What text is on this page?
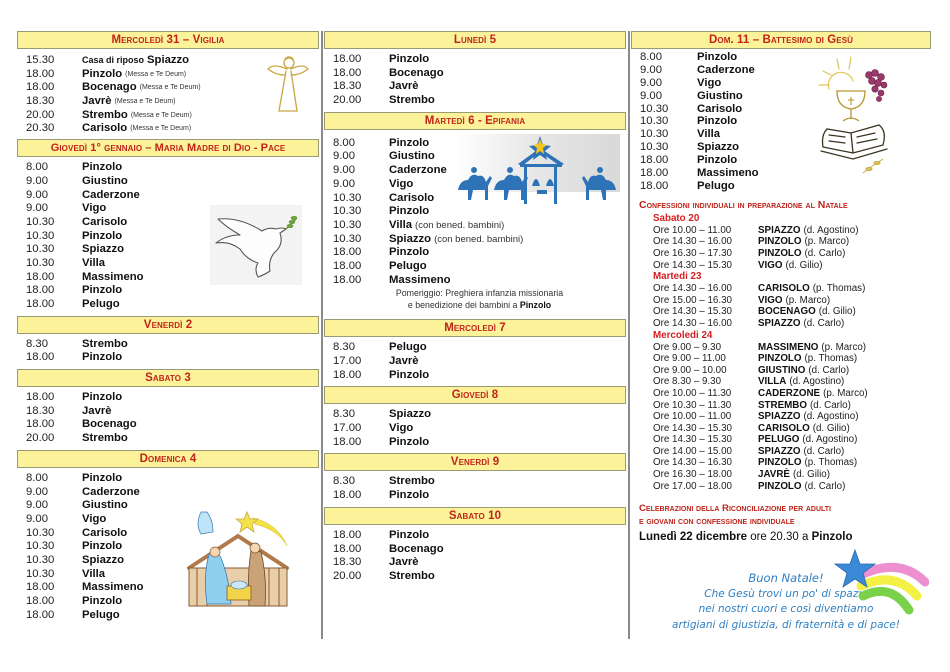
Mercoledì 31 – Vigilia
15.30	Casa di riposo Spiazzo
18.00	Pinzolo (Messa e Te Deum)
18.00	Bocenago (Messa e Te Deum)
18.30	Javrè (Messa e Te Deum)
20.00	Strembo (Messa e Te Deum)
20.30	Carisolo (Messa e Te Deum)
Giovedì 1° gennaio – Maria Madre di Dio - Pace
8.00	Pinzolo
9.00	Giustino
9.00	Caderzone
9.00	Vigo
10.30	Carisolo
10.30	Pinzolo
10.30	Spiazzo
10.30	Villa
18.00	Massimeno
18.00	Pinzolo
18.00	Pelugo
Venerdì 2
8.30	Strembo
18.00	Pinzolo
Sabato 3
18.00	Pinzolo
18.30	Javrè
18.00	Bocenago
20.00	Strembo
Domenica 4
8.00	Pinzolo
9.00	Caderzone
9.00	Giustino
9.00	Vigo
10.30	Carisolo
10.30	Pinzolo
10.30	Spiazzo
10.30	Villa
18.00	Massimeno
18.00	Pinzolo
18.00	Pelugo
Lunedì 5
18.00	Pinzolo
18.00	Bocenago
18.30	Javrè
20.00	Strembo
Martedì 6 - Epifania
8.00	Pinzolo
9.00	Giustino
9.00	Caderzone
9.00	Vigo
10.30	Carisolo
10.30	Pinzolo
10.30	Villa (con bened. bambini)
10.30	Spiazzo (con bened. bambini)
18.00	Pinzolo
18.00	Pelugo
18.00	Massimeno
Pomeriggio: Preghiera infanzia missionaria
e benedizione dei bambini a Pinzolo
Mercoledì 7
8.30	Pelugo
17.00	Javrè
18.00	Pinzolo
Giovedì 8
8.30	Spiazzo
17.00	Vigo
18.00	Pinzolo
Venerdì 9
8.30	Strembo
18.00	Pinzolo
Sabato 10
18.00	Pinzolo
18.00	Bocenago
18.30	Javrè
20.00	Strembo
Dom. 11 – Battesimo di Gesù
8.00	Pinzolo
9.00	Caderzone
9.00	Vigo
9.00	Giustino
10.30	Carisolo
10.30	Pinzolo
10.30	Villa
10.30	Spiazzo
18.00	Pinzolo
18.00	Massimeno
18.00	Pelugo
Confessioni individuali in preparazione al Natale
Sabato 20
Ore 10.00 – 11.00	SPIAZZO (d. Agostino)
Ore 14.30 – 16.00	PINZOLO (p. Marco)
Ore 16.30 – 17.30	PINZOLO (d. Carlo)
Ore 14.30 – 15.30	VIGO (d. Gilio)
Martedi 23
Ore 14.30 – 16.00	CARISOLO (p. Thomas)
Ore 15.00 – 16.30	VIGO (p. Marco)
Ore 14.30 – 15.30	BOCENAGO (d. Gilio)
Ore 14.30 – 16.00	SPIAZZO (d. Carlo)
Mercoledi 24
Ore 9.00 – 9.30	MASSIMENO (p. Marco)
Ore 9.00 – 11.00	PINZOLO (p. Thomas)
Ore 9.00 – 10.00	GIUSTINO (d. Carlo)
Ore 8.30 – 9.30	VILLA (d. Agostino)
Ore 10.00 – 11.30	CADERZONE (p. Marco)
Ore 10.30 – 11.30	STREMBO (d. Carlo)
Ore 10.00 – 11.00	SPIAZZO (d. Agostino)
Ore 14.30 – 15.30	CARISOLO (d. Gilio)
Ore 14.30 – 15.30	PELUGO (d. Agostino)
Ore 14.00 – 15.00	SPIAZZO (d. Carlo)
Ore 14.30 – 16.30	PINZOLO (p. Thomas)
Ore 16.30 – 18.00	JAVRÈ (d. Gilio)
Ore 17.00 – 18.00	PINZOLO (d. Carlo)
Celebrazioni della Riconciliazione per adulti
e giovani con confessione individuale
Lunedì 22 dicembre ore 20.30 a Pinzolo
Buon Natale!
Che Gesù trovi un po' di spazio
nei nostri cuori e così diventiamo
artigiani di giustizia, di fraternità e di pace!
